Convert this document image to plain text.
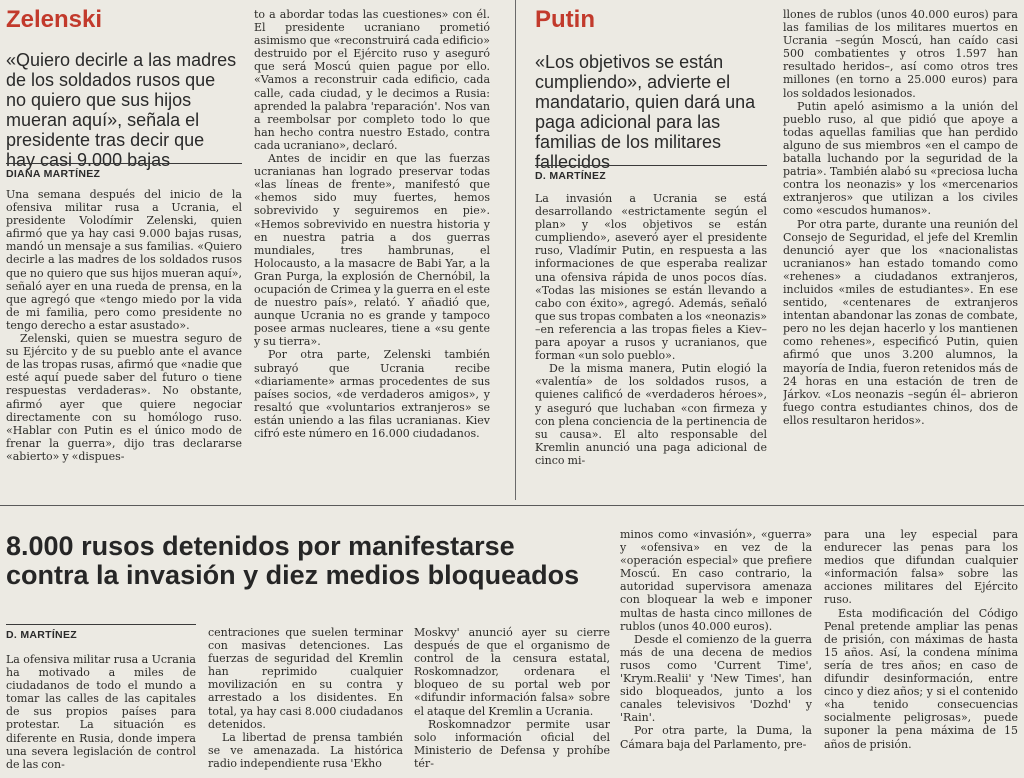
Zelenski

«Quiero decirle a las madres de los soldados rusos que no quiero que sus hijos mueran aquí», señala el presidente tras decir que hay casi 9.000 bajas

DIANA MARTÍNEZ

Una semana después del inicio de la ofensiva militar rusa a Ucrania, el presidente Volodímir Zelenski, quien afirmó que ya hay casi 9.000 bajas rusas, mandó un mensaje a sus familias. «Quiero decirle a las madres de los soldados rusos que no quiero que sus hijos mueran aquí», señaló ayer en una rueda de prensa, en la que agregó que «tengo miedo por la vida de mi familia, pero como presidente no tengo derecho a estar asustado».

Zelenski, quien se muestra seguro de su Ejército y de su pueblo ante el avance de las tropas rusas, afirmó que «nadie que esté aquí puede saber del futuro o tiene respuestas verdaderas». No obstante, afirmó ayer que quiere negociar directamente con su homólogo ruso. «Hablar con Putin es el único modo de frenar la guerra», dijo tras declararse «abierto» y «dispues-

to a abordar todas las cuestiones» con él. El presidente ucraniano prometió asimismo que «reconstruirá cada edificio» destruido por el Ejército ruso y aseguró que será Moscú quien pague por ello. «Vamos a reconstruir cada edificio, cada calle, cada ciudad, y le decimos a Rusia: aprended la palabra 'reparación'. Nos van a reembolsar por completo todo lo que han hecho contra nuestro Estado, contra cada ucraniano», declaró.

Antes de incidir en que las fuerzas ucranianas han logrado preservar todas «las líneas de frente», manifestó que «hemos sido muy fuertes, hemos sobrevivido y seguiremos en pie». «Hemos sobrevivido en nuestra historia y en nuestra patria a dos guerras mundiales, tres hambrunas, el Holocausto, a la masacre de Babi Yar, a la Gran Purga, la explosión de Chernóbil, la ocupación de Crimea y la guerra en el este de nuestro país», relató. Y añadió que, aunque Ucrania no es grande y tampoco posee armas nucleares, tiene a «su gente y su tierra».

Por otra parte, Zelenski también subrayó que Ucrania recibe «diariamente» armas procedentes de sus países socios, «de verdaderos amigos», y resaltó que «voluntarios extranjeros» se están uniendo a las filas ucranianas. Kiev cifró este número en 16.000 ciudadanos.

Putin

«Los objetivos se están cumpliendo», advierte el mandatario, quien dará una paga adicional para las familias de los militares fallecidos

D. MARTÍNEZ

La invasión a Ucrania se está desarrollando «estrictamente según el plan» y «los objetivos se están cumpliendo», aseveró ayer el presidente ruso, Vladímir Putin, en respuesta a las informaciones de que esperaba realizar una ofensiva rápida de unos pocos días. «Todas las misiones se están llevando a cabo con éxito», agregó. Además, señaló que sus tropas combaten a los «neonazis» –en referencia a las tropas fieles a Kiev– para apoyar a rusos y ucranianos, que forman «un solo pueblo».

De la misma manera, Putin elogió la «valentía» de los soldados rusos, a quienes calificó de «verdaderos héroes», y aseguró que luchaban «con firmeza y con plena conciencia de la pertinencia de su causa». El alto responsable del Kremlin anunció una paga adicional de cinco mi-

llones de rublos (unos 40.000 euros) para las familias de los militares muertos en Ucrania –según Moscú, han caído casi 500 combatientes y otros 1.597 han resultado heridos–, así como otros tres millones (en torno a 25.000 euros) para los soldados lesionados.

Putin apeló asimismo a la unión del pueblo ruso, al que pidió que apoye a todas aquellas familias que han perdido alguno de sus miembros «en el campo de batalla luchando por la seguridad de la patria». También alabó su «preciosa lucha contra los neonazis» y los «mercenarios extranjeros» que utilizan a los civiles como «escudos humanos».

Por otra parte, durante una reunión del Consejo de Seguridad, el jefe del Kremlin denunció ayer que los «nacionalistas ucranianos» han estado tomando como «rehenes» a ciudadanos extranjeros, incluidos «miles de estudiantes». En ese sentido, «centenares de extranjeros intentan abandonar las zonas de combate, pero no les dejan hacerlo y los mantienen como rehenes», especificó Putin, quien afirmó que unos 3.200 alumnos, la mayoría de India, fueron retenidos más de 24 horas en una estación de tren de Járkov. «Los neonazis –según él– abrieron fuego contra estudiantes chinos, dos de ellos resultaron heridos».

8.000 rusos detenidos por manifestarse contra la invasión y diez medios bloqueados
D. MARTÍNEZ

La ofensiva militar rusa a Ucrania ha motivado a miles de ciudadanos de todo el mundo a tomar las calles de las capitales de sus propios países para protestar. La situación es diferente en Rusia, donde impera una severa legislación de control de las con-

centraciones que suelen terminar con masivas detenciones. Las fuerzas de seguridad del Kremlin han reprimido cualquier movilización en su contra y arrestado a los disidentes. En total, ya hay casi 8.000 ciudadanos detenidos.

La libertad de prensa también se ve amenazada. La histórica radio independiente rusa 'Ekho

Moskvy' anunció ayer su cierre después de que el organismo de control de la censura estatal, Roskomnadzor, ordenara el bloqueo de su portal web por «difundir información falsa» sobre el ataque del Kremlin a Ucrania.

Roskomnadzor permite usar solo información oficial del Ministerio de Defensa y prohíbe tér-

minos como «invasión», «guerra» y «ofensiva» en vez de la «operación especial» que prefiere Moscú. En caso contrario, la autoridad supervisora amenaza con bloquear la web e imponer multas de hasta cinco millones de rublos (unos 40.000 euros).

Desde el comienzo de la guerra más de una decena de medios rusos como 'Current Time', 'Krym.Realii' y 'New Times', han sido bloqueados, junto a los canales televisivos 'Dozhd' y 'Rain'.

Por otra parte, la Duma, la Cámara baja del Parlamento, pre-

para una ley especial para endurecer las penas para los medios que difundan cualquier «información falsa» sobre las acciones militares del Ejército ruso.

Esta modificación del Código Penal pretende ampliar las penas de prisión, con máximas de hasta 15 años. Así, la condena mínima sería de tres años; en caso de difundir desinformación, entre cinco y diez años; y si el contenido «ha tenido consecuencias socialmente peligrosas», puede suponer la pena máxima de 15 años de prisión.
